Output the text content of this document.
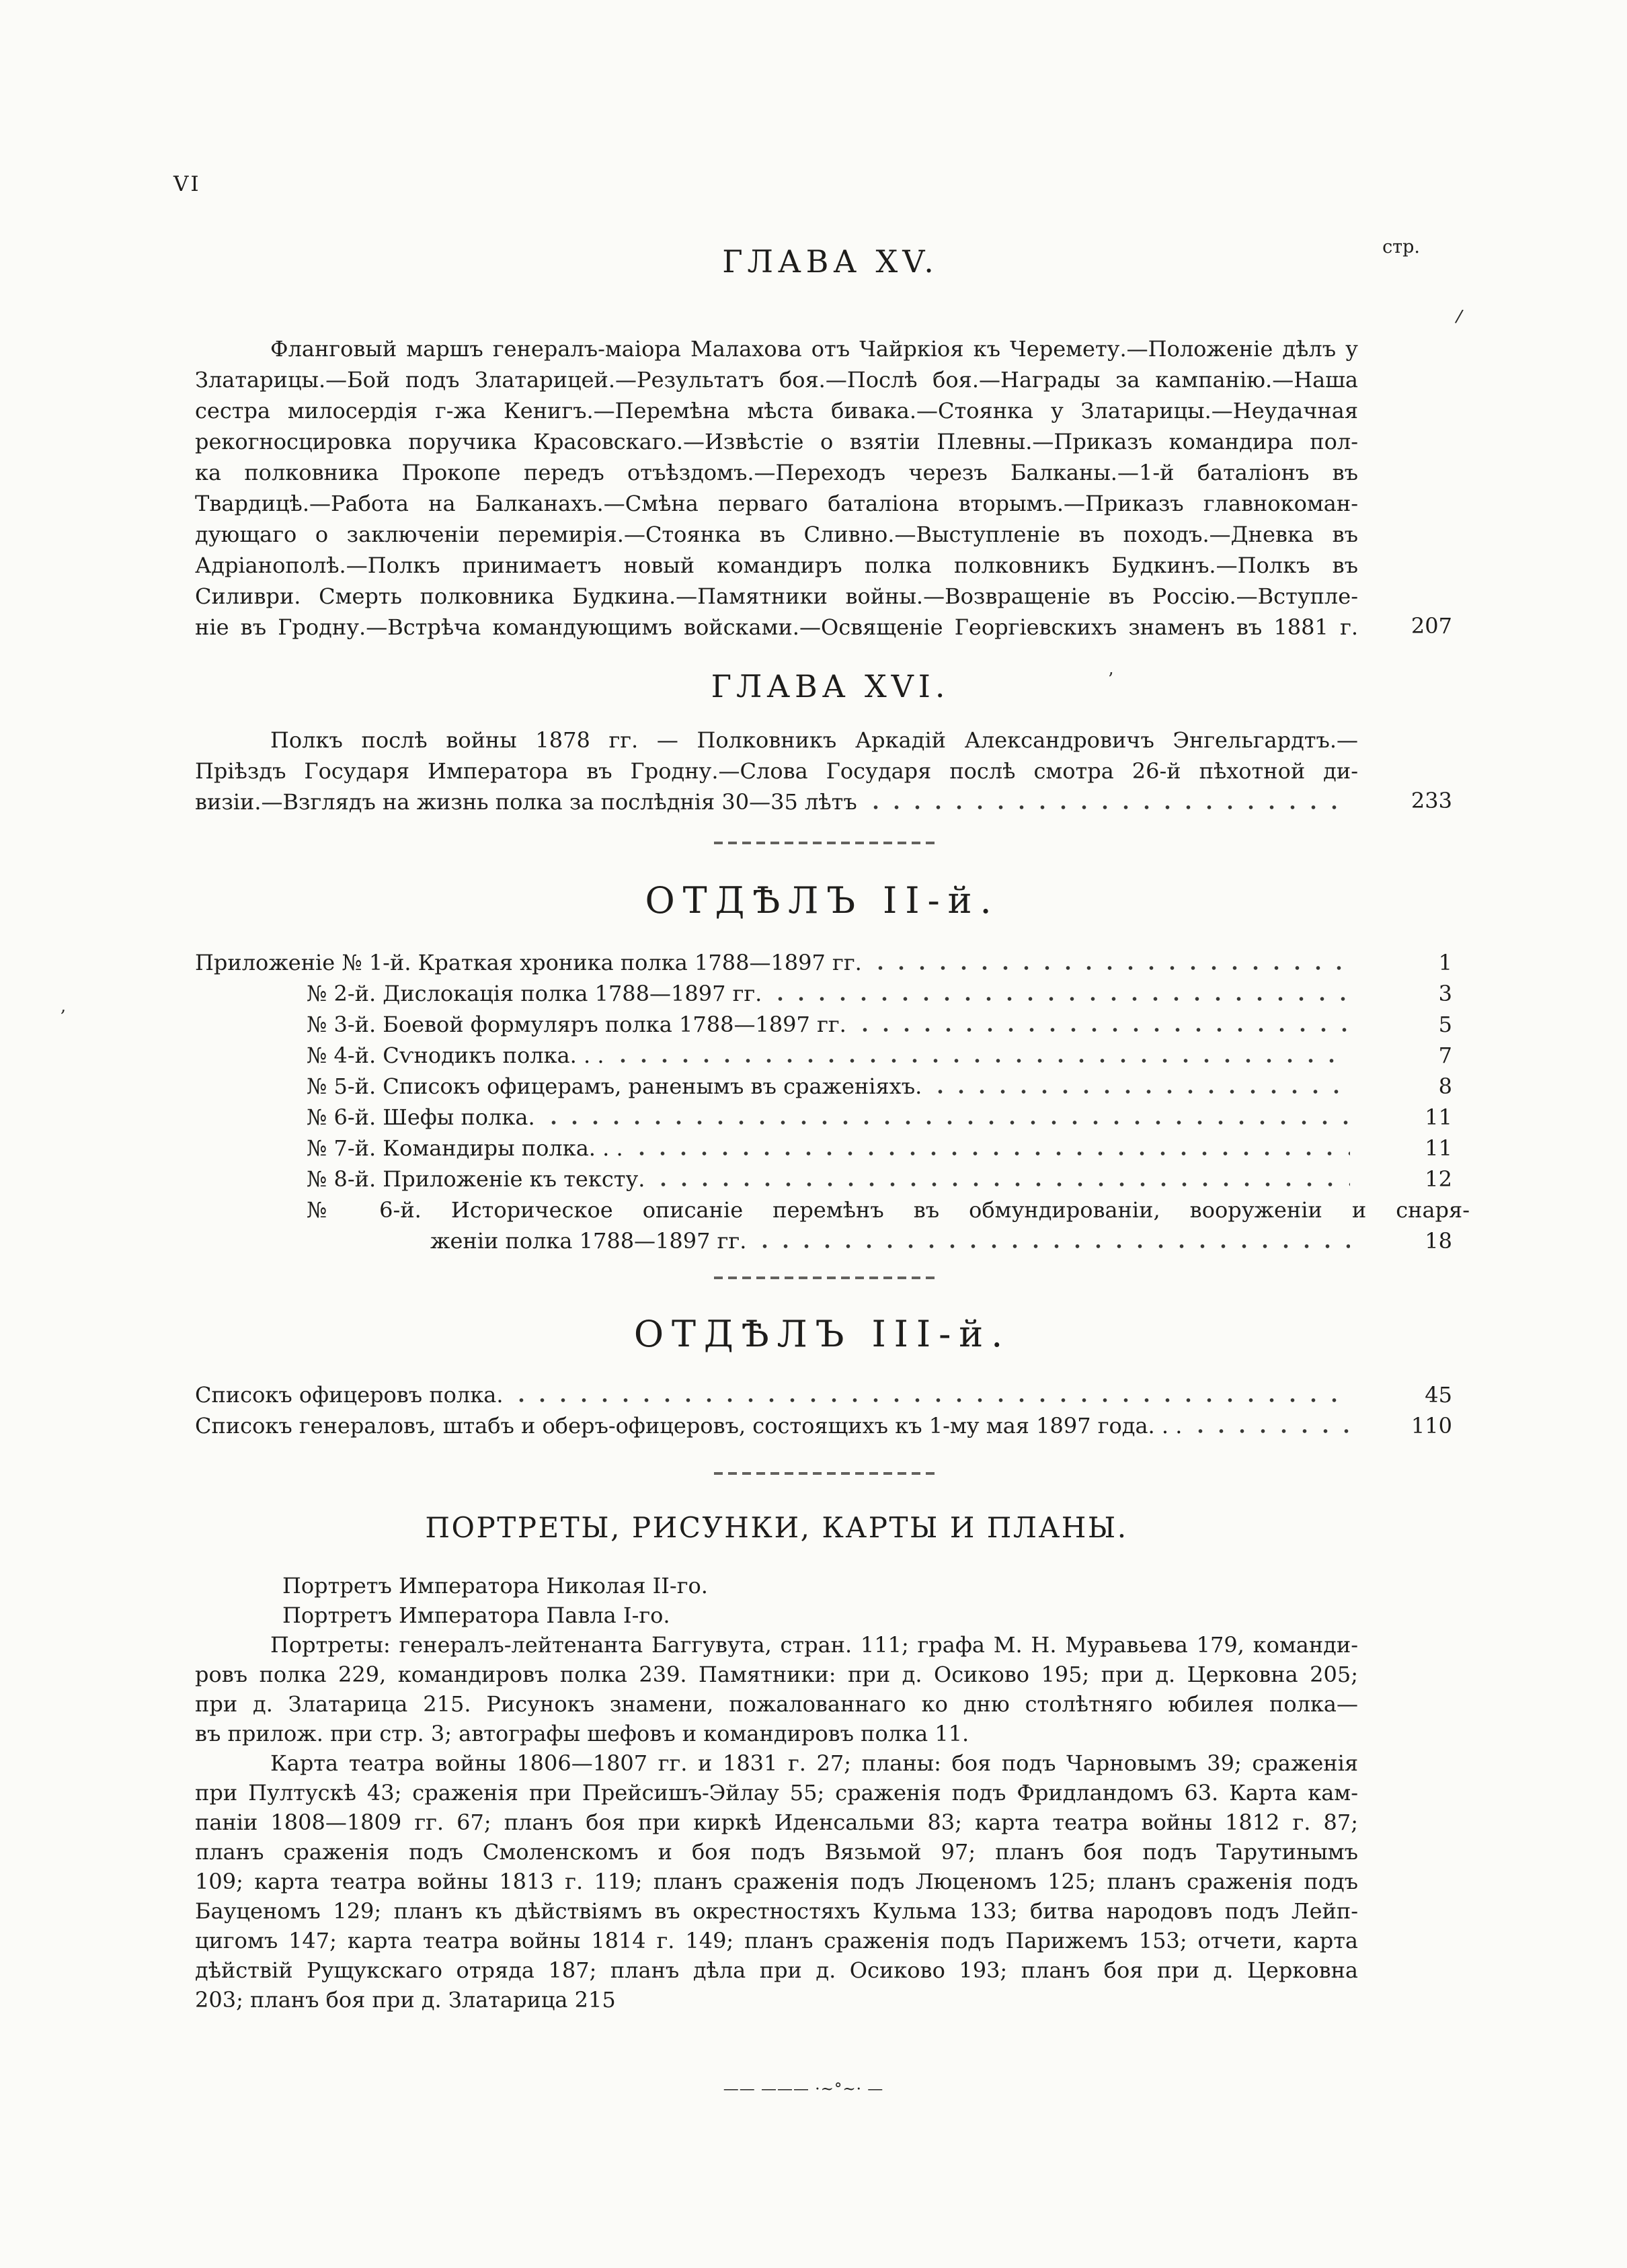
VI
стр.
’
/
,
ГЛАВА XV.
Фланговый маршъ генералъ-маіора Малахова отъ Чайркіоя къ Черемету.—Положеніе дѣлъ у
Златарицы.—Бой подъ Златарицей.—Результатъ боя.—Послѣ боя.—Награды за кампанію.—Наша
сестра милосердія г-жа Кенигъ.—Перемѣна мѣста бивака.—Стоянка у Златарицы.—Неудачная
рекогносцировка поручика Красовскаго.—Извѣстіе о взятіи Плевны.—Приказъ командира пол-
ка полковника Прокопе передъ отъѣздомъ.—Переходъ черезъ Балканы.—1-й баталіонъ въ
Твардицѣ.—Работа на Балканахъ.—Смѣна перваго баталіона вторымъ.—Приказъ главнокоман-
дующаго о заключеніи перемирія.—Стоянка въ Сливно.—Выступленіе въ походъ.—Дневка въ
Адріанополѣ.—Полкъ принимаетъ новый командиръ полка полковникъ Будкинъ.—Полкъ въ
Силиври. Смерть полковника Будкина.—Памятники войны.—Возвращеніе въ Россію.—Вступле-
ніе въ Гродну.—Встрѣча командующимъ войсками.—Освященіе Георгіевскихъ знаменъ въ 1881 г.	207
ГЛАВА XVI.
Полкъ послѣ войны 1878 гг. — Полковникъ Аркадій Александровичъ Энгельгардтъ.—
Пріѣздъ Государя Императора въ Гродну.—Слова Государя послѣ смотра 26-й пѣхотной ди-
визіи.—Взглядъ на жизнь полка за послѣднія 30—35 лѣтъ	233
ОТДѢЛЪ II-й.
Приложеніе № 1-й. Краткая хроника полка 1788—1897 гг.	1
№ 2-й. Дислокація полка 1788—1897 гг.	3
№ 3-й. Боевой формуляръ полка 1788—1897 гг.	5
№ 4-й. Сѵнодикъ полка. . .	7
№ 5-й. Списокъ офицерамъ, раненымъ въ сраженіяхъ.	8
№ 6-й. Шефы полка.	11
№ 7-й. Командиры полка. . .	11
№ 8-й. Приложеніе къ тексту.	12
№ 6-й. Историческое описаніе перемѣнъ въ обмундированіи, вооруженіи и снаря-
женіи полка 1788—1897 гг.	18
ОТДѢЛЪ III-й.
Списокъ офицеровъ полка.	45
Списокъ генераловъ, штабъ и оберъ-офицеровъ, состоящихъ къ 1-му мая 1897 года. . .	110
ПОРТРЕТЫ, РИСУНКИ, КАРТЫ И ПЛАНЫ.
Портретъ Императора Николая II-го.
Портретъ Императора Павла I-го.
Портреты: генералъ-лейтенанта Баггувута, стран. 111; графа М. Н. Муравьева 179, команди-
ровъ полка 229, командировъ полка 239. Памятники: при д. Осиково 195; при д. Церковна 205;
при д. Златарица 215. Рисунокъ знамени, пожалованнаго ко дню столѣтняго юбилея полка—
въ прилож. при стр. 3; автографы шефовъ и командировъ полка 11.
Карта театра войны 1806—1807 гг. и 1831 г. 27; планы: боя подъ Чарновымъ 39; сраженія
при Пултускѣ 43; сраженія при Прейсишъ-Эйлау 55; сраженія подъ Фридландомъ 63. Карта кам-
паніи 1808—1809 гг. 67; планъ боя при киркѣ Иденсальми 83; карта театра войны 1812 г. 87;
планъ сраженія подъ Смоленскомъ и боя подъ Вязьмой 97; планъ боя подъ Тарутинымъ
109; карта театра войны 1813 г. 119; планъ сраженія подъ Люценомъ 125; планъ сраженія подъ
Бауценомъ 129; планъ къ дѣйствіямъ въ окрестностяхъ Кульма 133; битва народовъ подъ Лейп-
цигомъ 147; карта театра войны 1814 г. 149; планъ сраженія подъ Парижемъ 153; отчети, карта
дѣйствій Рущукскаго отряда 187; планъ дѣла при д. Осиково 193; планъ боя при д. Церковна
203; планъ боя при д. Златарица 215
—— ——— ·~°~· —
